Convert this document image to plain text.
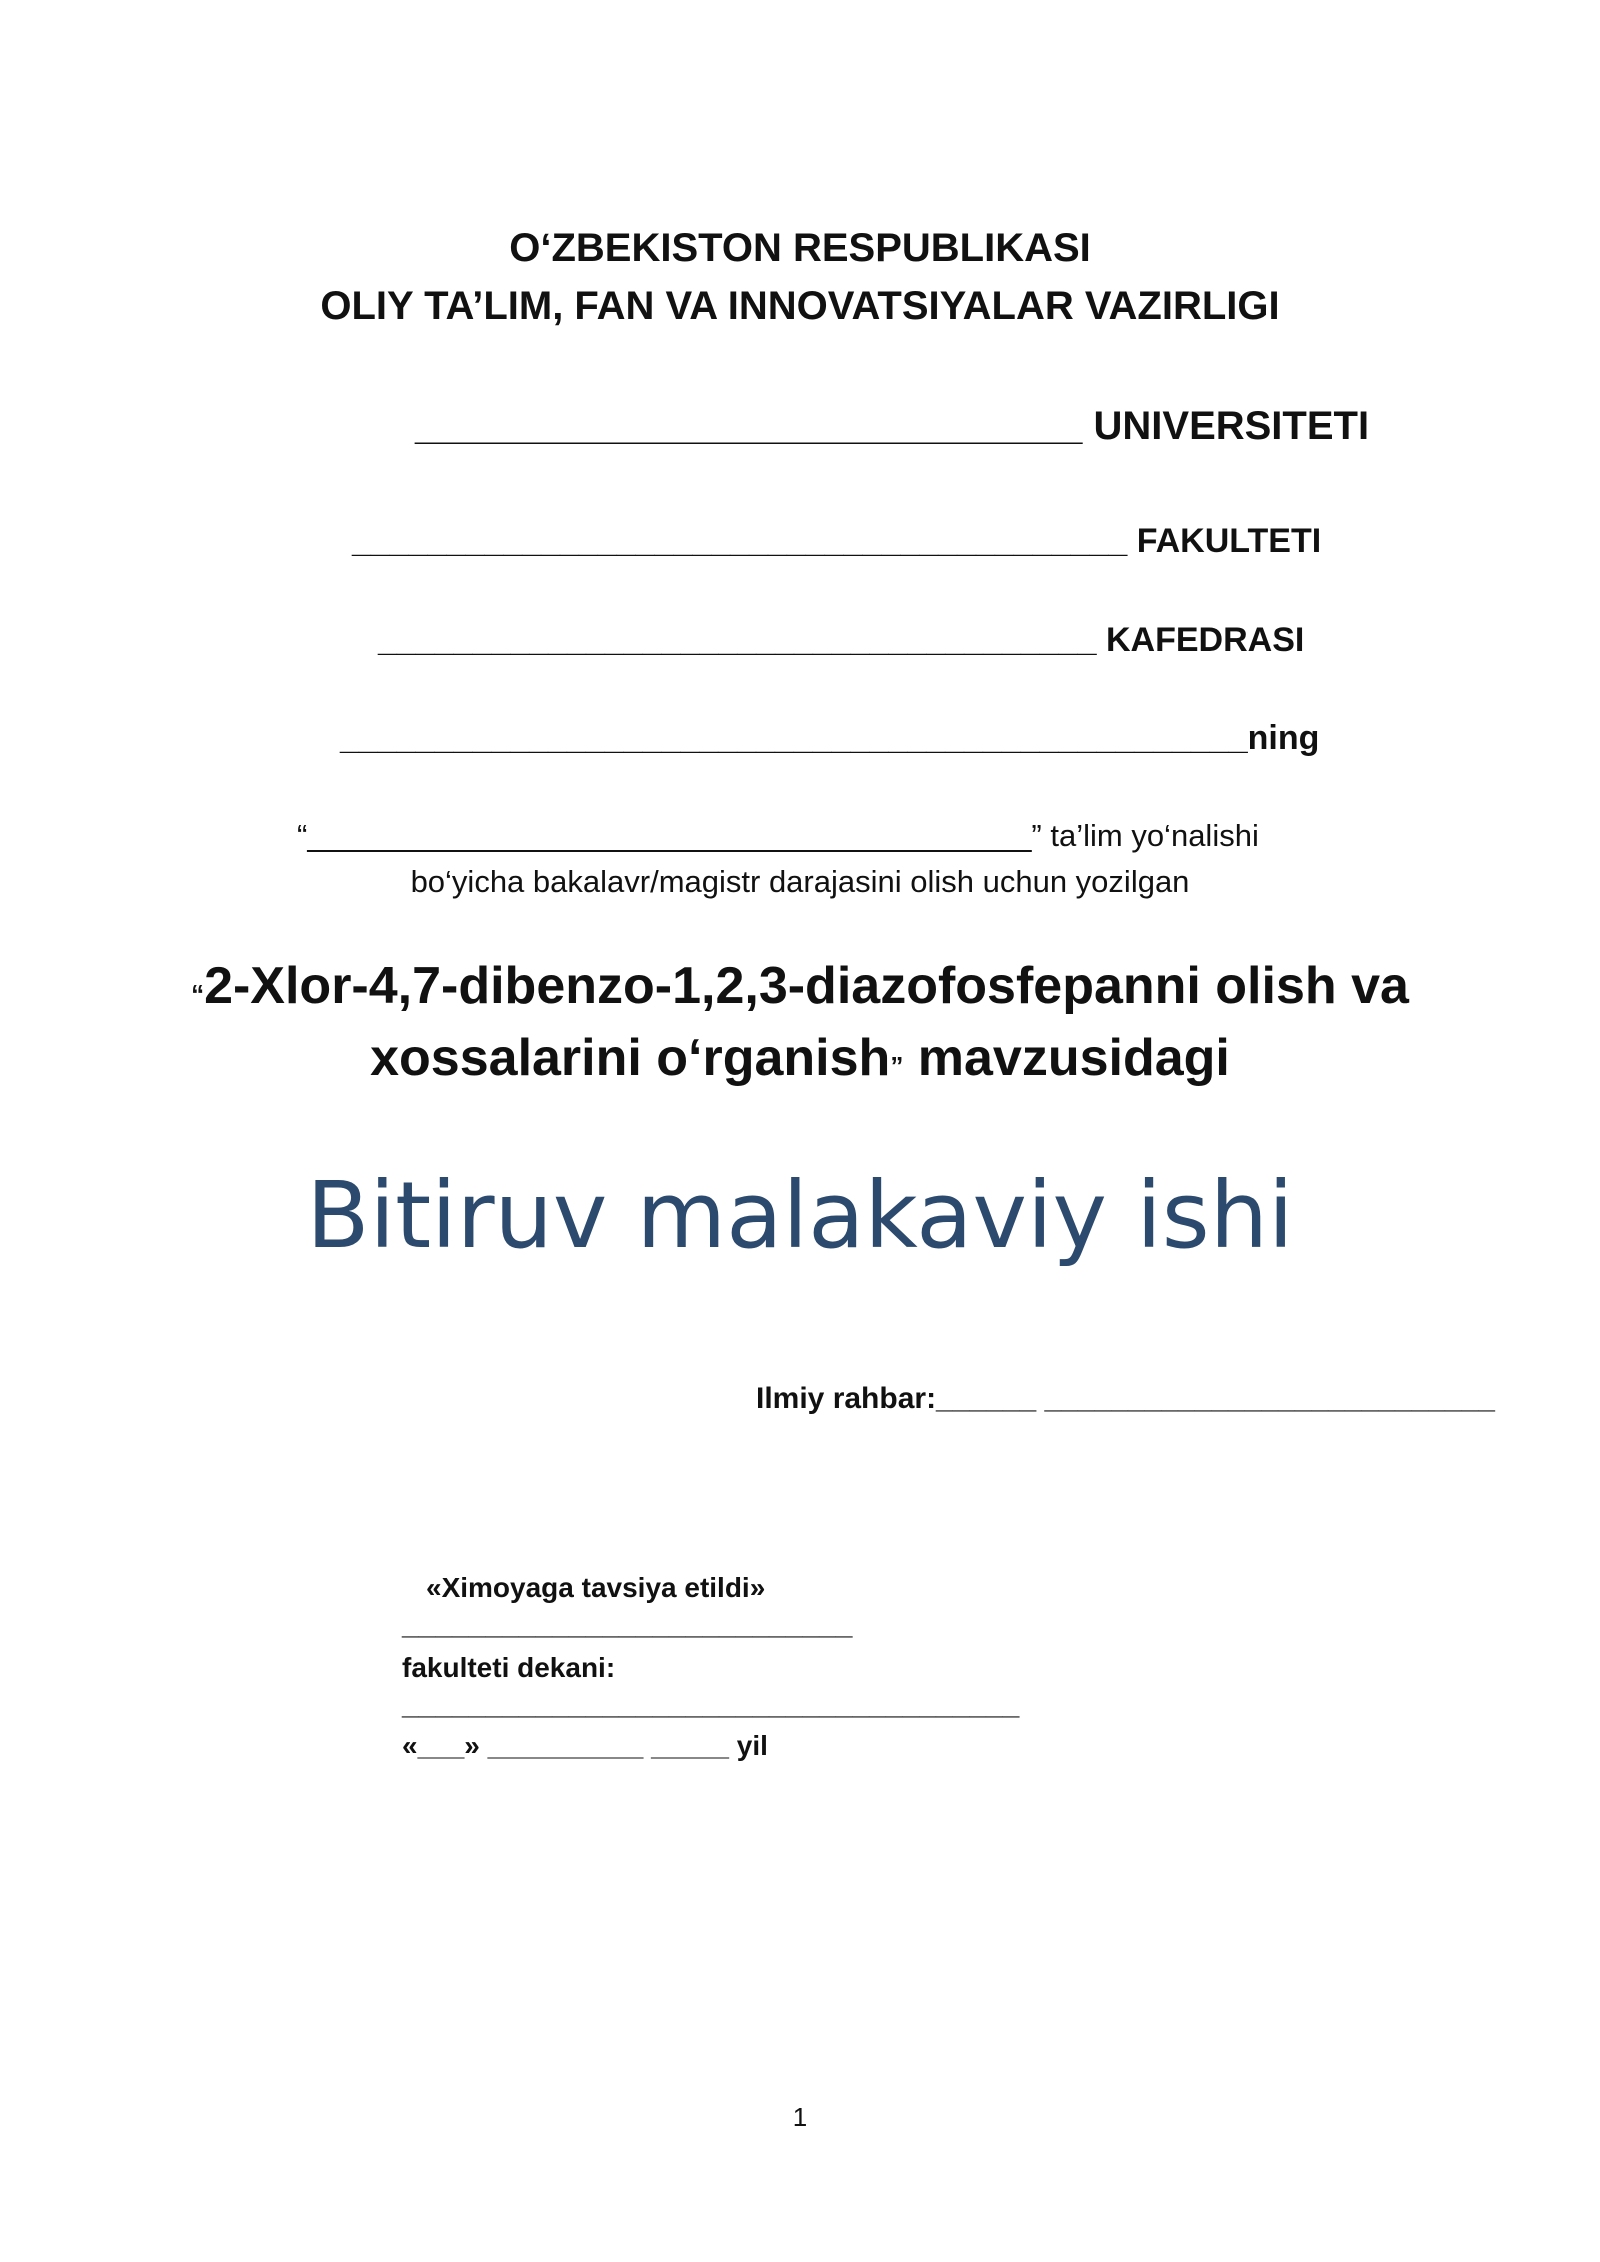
O‘ZBEKISTON RESPUBLIKASI
OLIY TA’LIM, FAN VA INNOVATSIYALAR VAZIRLIGI
______________________________ UNIVERSITETI
_________________________________________ FAKULTETI
______________________________________ KAFEDRASI
________________________________________________ning
“__________________________________________” ta’lim yo‘nalishi
bo‘yicha bakalavr/magistr darajasini olish uchun yozilgan
“2-Xlor-4,7-dibenzo-1,2,3-diazofosfepanni olish va
xossalarini o‘rganish” mavzusidagi
Bitiruv malakaviy ishi
Ilmiy rahbar:______ ___________________________
«Ximoyaga tavsiya etildi»
___________________________
fakulteti dekani:
_____________________________________
«___» __________ _____ yil
1
